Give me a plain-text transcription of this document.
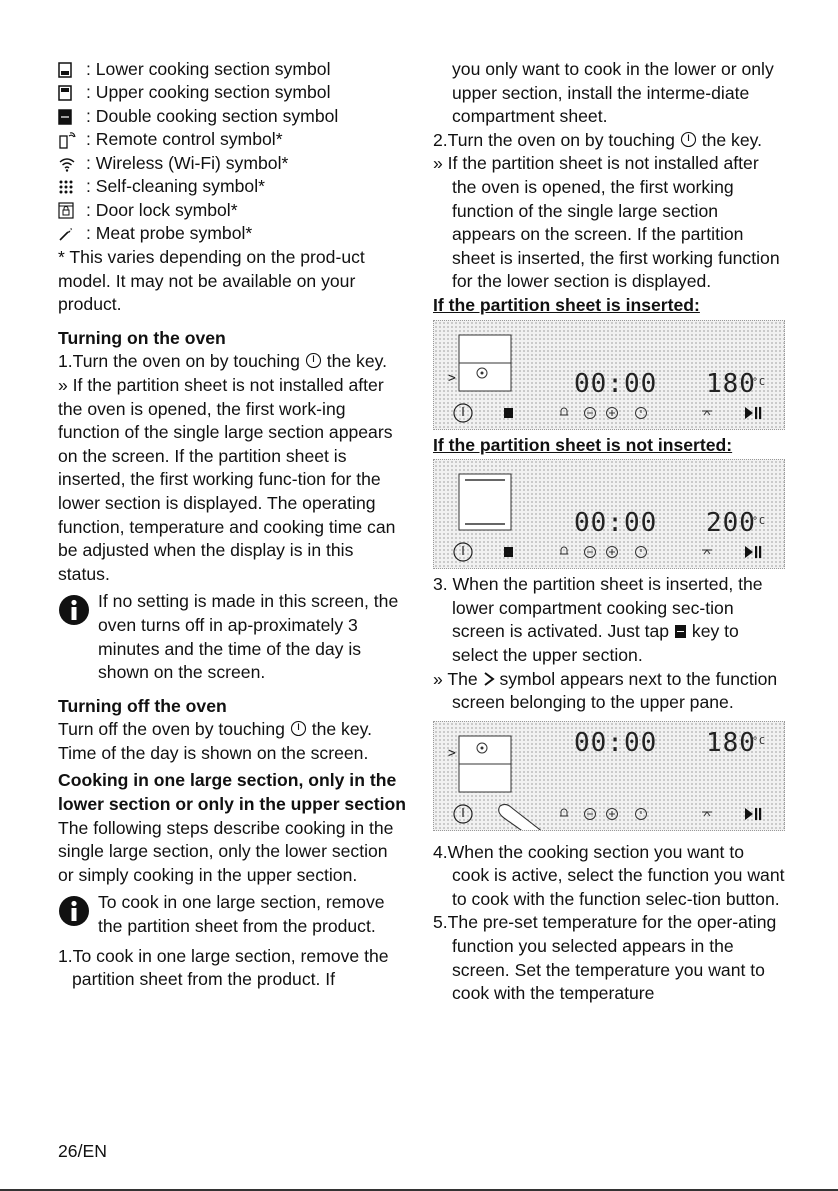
: Lower cooking section symbol
: Upper cooking section symbol
: Double cooking section symbol
: Remote control symbol*
: Wireless (Wi-Fi) symbol*
: Self-cleaning symbol*
: Door lock symbol*
: Meat probe symbol*

* This varies depending on the prod-uct model. It may not be available on your product.

Turning on the oven

1.Turn the oven on by touching the key.

» If the partition sheet is not installed after the oven is opened, the first work-ing function of the single large section appears on the screen. If the partition sheet is inserted, the first working func-tion for the lower section is displayed. The operating function, temperature and cooking time can be adjusted when the display is in this status.

If no setting is made in this screen, the oven turns off in ap-proximately 3 minutes and the time of the day is shown on the screen.

Turning off the oven

Turn off the oven by touching the key. Time of the day is shown on the screen.

Cooking in one large section, only in the lower section or only in the upper section

The following steps describe cooking in the single large section, only the lower section or simply cooking in the upper section.

To cook in one large section, remove the partition sheet from the product.

1.To cook in one large section, remove the partition sheet from the product. If

you only want to cook in the lower or only upper section, install the interme-diate compartment sheet.

2.Turn the oven on by touching the key.

» If the partition sheet is not installed after the oven is opened, the first working function of the single large section appears on the screen. If the partition sheet is inserted, the first working function for the lower section is displayed.

If the partition sheet is inserted:

>	00:00 180
°C

If the partition sheet is not inserted:

00:00 200
°C

3. When the partition sheet is inserted, the lower compartment cooking sec-tion screen is activated. Just tap key to select the upper section.

» The symbol appears next to the function screen belonging to the upper pane.

>	00:00 180
°C

4.When the cooking section you want to cook is active, select the function you want to cook with the function selec-tion button.

5.The pre-set temperature for the oper-ating function you selected appears in the screen. Set the temperature you want to cook with the temperature

26/EN
